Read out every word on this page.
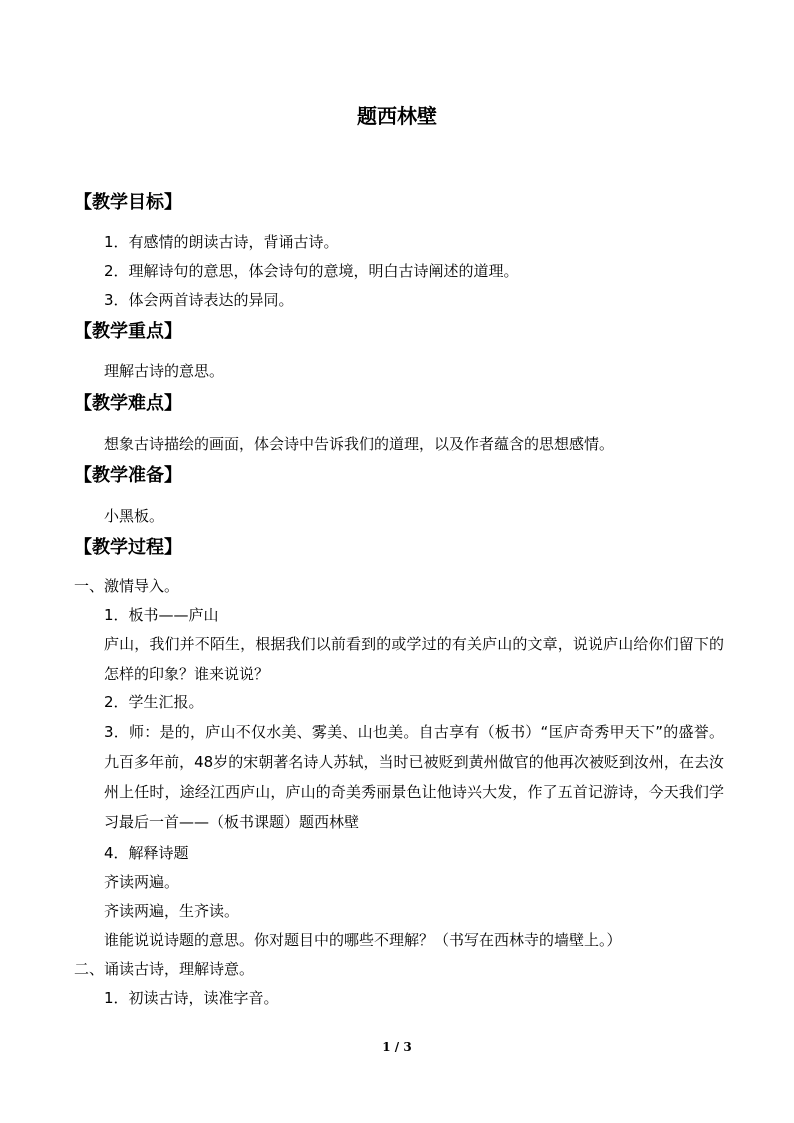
题西林壁
【教学目标】
1．有感情的朗读古诗，背诵古诗。
2．理解诗句的意思，体会诗句的意境，明白古诗阐述的道理。
3．体会两首诗表达的异同。
【教学重点】
理解古诗的意思。
【教学难点】
想象古诗描绘的画面，体会诗中告诉我们的道理，以及作者蕴含的思想感情。
【教学准备】
小黑板。
【教学过程】
一、激情导入。
1．板书——庐山
庐山，我们并不陌生，根据我们以前看到的或学过的有关庐山的文章，说说庐山给你们留下的怎样的印象？谁来说说？
2．学生汇报。
3．师：是的，庐山不仅水美、雾美、山也美。自古享有（板书）“匡庐奇秀甲天下”的盛誉。九百多年前，48岁的宋朝著名诗人苏轼，当时已被贬到黄州做官的他再次被贬到汝州，在去汝州上任时，途经江西庐山，庐山的奇美秀丽景色让他诗兴大发，作了五首记游诗，今天我们学习最后一首——（板书课题）题西林壁
4．解释诗题
齐读两遍。
齐读两遍，生齐读。
谁能说说诗题的意思。你对题目中的哪些不理解？（书写在西林寺的墙壁上。）
二、诵读古诗，理解诗意。
1．初读古诗，读准字音。
1 / 3
